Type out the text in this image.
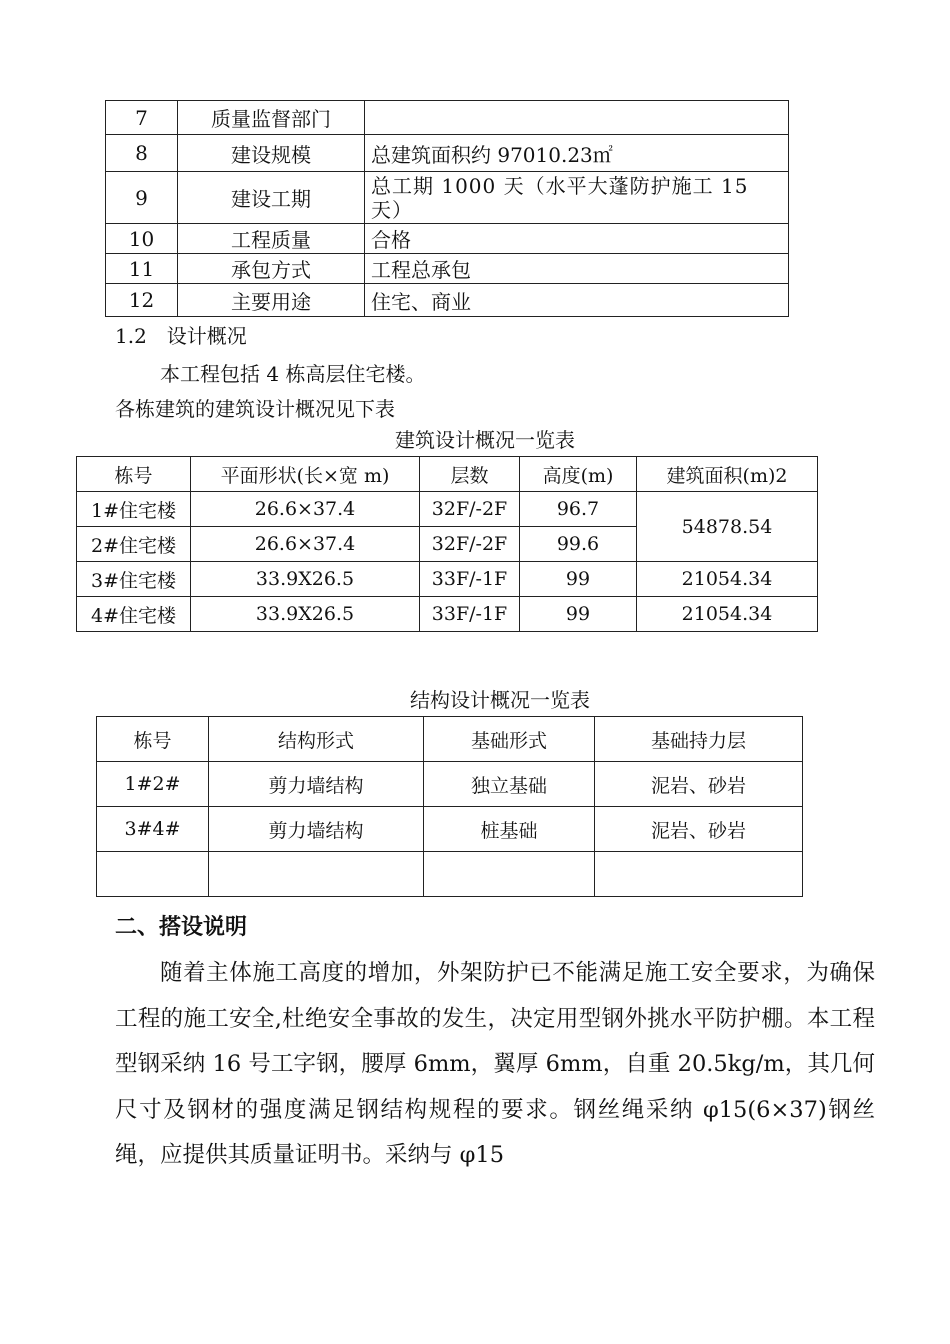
7	质量监督部门	
8	建设规模	总建筑面积约 97010.23㎡
9	建设工期	总工期 1000 天（水平大蓬防护施工 15 天）
10	工程质量	合格
11	承包方式	工程总承包
12	主要用途	住宅、商业
1.2　设计概况
本工程包括 4 栋高层住宅楼。
各栋建筑的建筑设计概况见下表
建筑设计概况一览表
栋号	平面形状(长×宽 m)	层数	高度(m)	建筑面积(m)2
1#住宅楼	26.6×37.4	32F/-2F	96.7	54878.54
2#住宅楼	26.6×37.4	32F/-2F	99.6	
3#住宅楼	33.9X26.5	33F/-1F	99	21054.34
4#住宅楼	33.9X26.5	33F/-1F	99	21054.34
结构设计概况一览表
栋号	结构形式	基础形式	基础持力层
1#2#	剪力墙结构	独立基础	泥岩、砂岩
3#4#	剪力墙结构	桩基础	泥岩、砂岩

二、搭设说明
随着主体施工高度的增加，外架防护已不能满足施工安全要求，为确保工程的施工安全,杜绝安全事故的发生，决定用型钢外挑水平防护棚。本工程型钢采纳 16 号工字钢，腰厚 6mm，翼厚 6mm，自重 20.5kg/m，其几何尺寸及钢材的强度满足钢结构规程的要求。钢丝绳采纳 φ15(6×37)钢丝绳，应提供其质量证明书。采纳与 φ15
